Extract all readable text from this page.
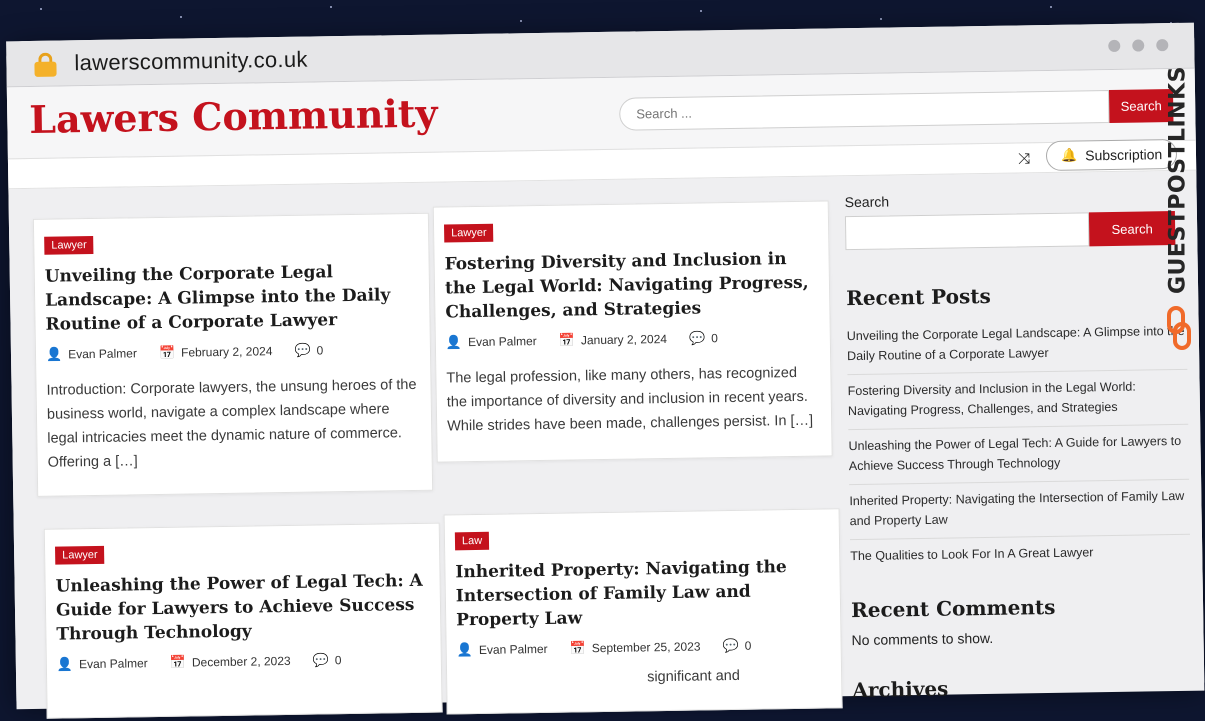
lawerscommunity.co.uk
Lawers Community
Search ...	Search
⤨ 🔔 Subscription
Lawyer
Unveiling the Corporate Legal Landscape: A Glimpse into the Daily Routine of a Corporate Lawyer
👤 Evan Palmer 📅 February 2, 2024 💬 0

Introduction: Corporate lawyers, the unsung heroes of the business world, navigate a complex landscape where legal intricacies meet the dynamic nature of commerce. Offering a […]

Lawyer
Fostering Diversity and Inclusion in the Legal World: Navigating Progress, Challenges, and Strategies
👤 Evan Palmer 📅 January 2, 2024 💬 0

The legal profession, like many others, has recognized the importance of diversity and inclusion in recent years. While strides have been made, challenges persist. In […]

Lawyer
Unleashing the Power of Legal Tech: A Guide for Lawyers to Achieve Success Through Technology
👤 Evan Palmer 📅 December 2, 2023 💬 0
Law
Inherited Property: Navigating the Intersection of Family Law and Property Law
👤 Evan Palmer 📅 September 25, 2023 💬 0

significant and

Search
Search
Recent Posts
Unveiling the Corporate Legal Landscape: A Glimpse into the Daily Routine of a Corporate Lawyer
Fostering Diversity and Inclusion in the Legal World: Navigating Progress, Challenges, and Strategies
Unleashing the Power of Legal Tech: A Guide for Lawyers to Achieve Success Through Technology
Inherited Property: Navigating the Intersection of Family Law and Property Law
The Qualities to Look For In A Great Lawyer
Recent Comments
No comments to show.
Archives
GUESTPOSTLINKS
